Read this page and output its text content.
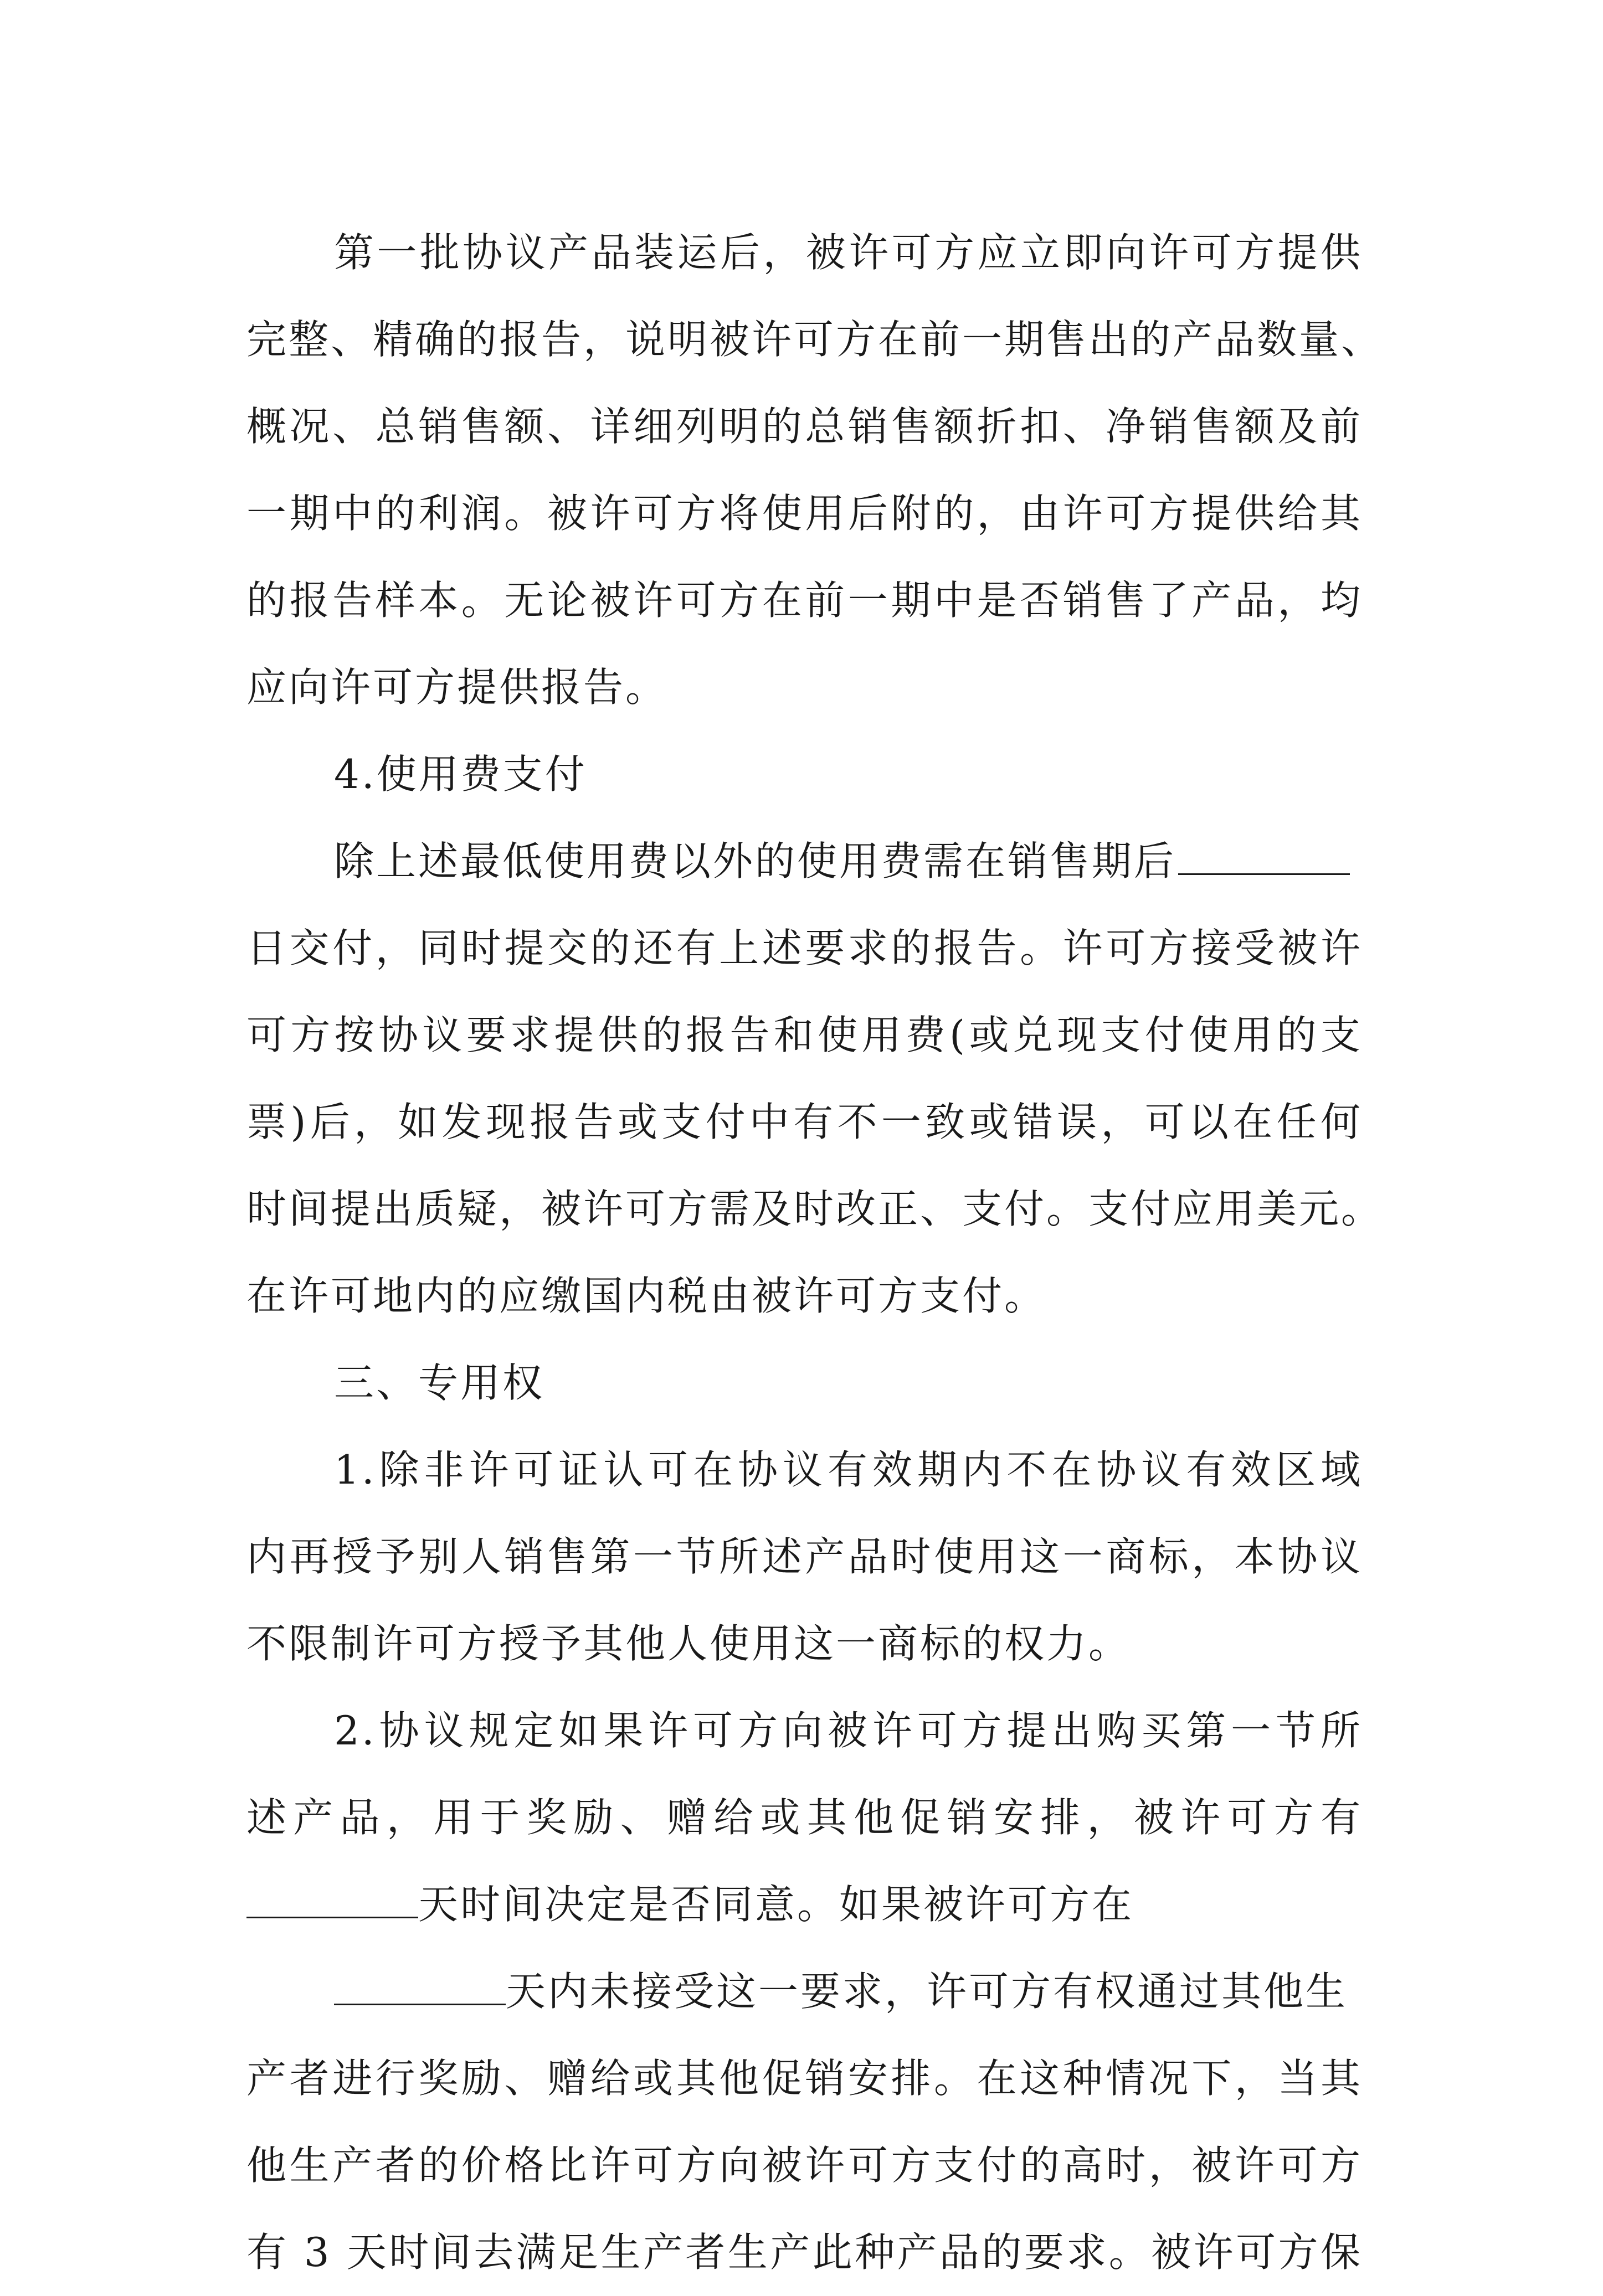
第一批协议产品装运后，被许可方应立即向许可方提供
完整、精确的报告，说明被许可方在前一期售出的产品数量、
概况、总销售额、详细列明的总销售额折扣、净销售额及前
一期中的利润。被许可方将使用后附的，由许可方提供给其
的报告样本。无论被许可方在前一期中是否销售了产品，均
应向许可方提供报告。
4.使用费支付
除上述最低使用费以外的使用费需在销售期后
日交付，同时提交的还有上述要求的报告。许可方接受被许
可方按协议要求提供的报告和使用费(或兑现支付使用的支
票)后，如发现报告或支付中有不一致或错误，可以在任何
时间提出质疑，被许可方需及时改正、支付。支付应用美元。
在许可地内的应缴国内税由被许可方支付。
三、专用权
1.除非许可证认可在协议有效期内不在协议有效区域
内再授予别人销售第一节所述产品时使用这一商标，本协议
不限制许可方授予其他人使用这一商标的权力。
2.协议规定如果许可方向被许可方提出购买第一节所
述产品，用于奖励、赠给或其他促销安排，被许可方有
天时间决定是否同意。如果被许可方在
天内未接受这一要求，许可方有权通过其他生
产者进行奖励、赠给或其他促销安排。在这种情况下，当其
他生产者的价格比许可方向被许可方支付的高时，被许可方
有 3 天时间去满足生产者生产此种产品的要求。被许可方保
